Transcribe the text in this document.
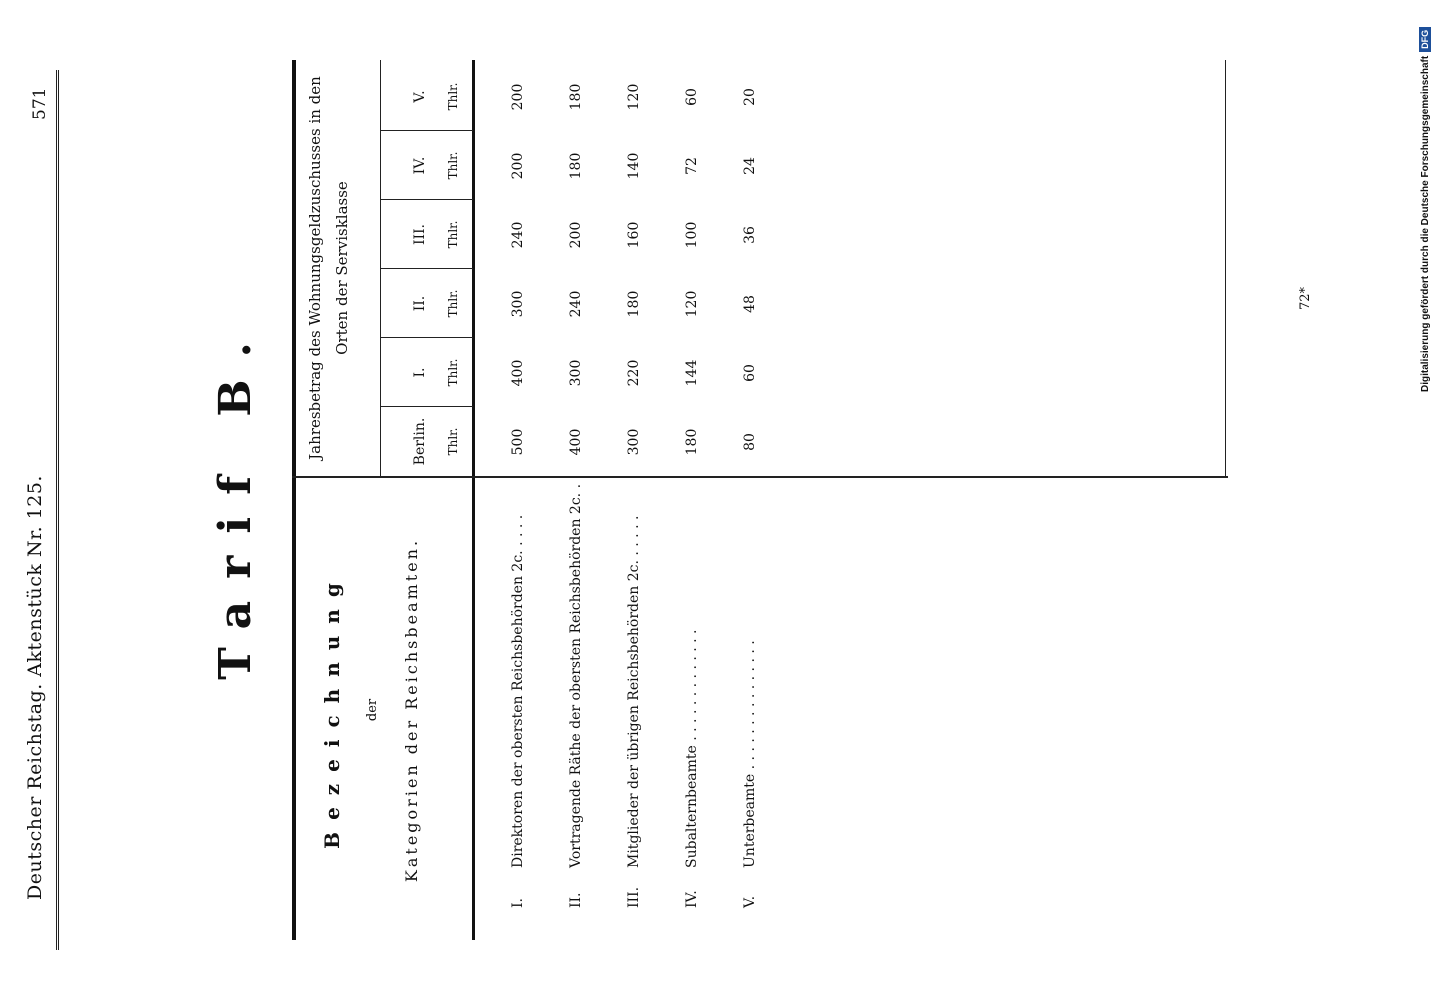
Deutscher Reichstag. Aktenstück Nr. 125.
571
Tarif B.
Bezeichnung der Kategorien der Reichsbeamten.
Jahresbetrag des Wohnungsgeldzuschusses in den Orten der Servisklasse
Berlin. Thlr.
I. Thlr.
II. Thlr.
III. Thlr.
IV. Thlr.
V. Thlr.
I.
Direktoren der obersten Reichsbehörden 2c. . . . .
500
400
300
240
200
200
II.
Vortragende Räthe der obersten Reichsbehörden 2c. .
400
300
240
200
180
180
III.
Mitglieder der übrigen Reichsbehörden 2c. . . . . .
300
220
180
160
140
120
IV.
Subalternbeamte . . . . . . . . . . . . .
180
144
120
100
72
60
V.
Unterbeamte . . . . . . . . . . . . . . .
80
60
48
36
24
20
72*	Digitalisierung gefördert durch die Deutsche Forschungsgemeinschaft
DFG
